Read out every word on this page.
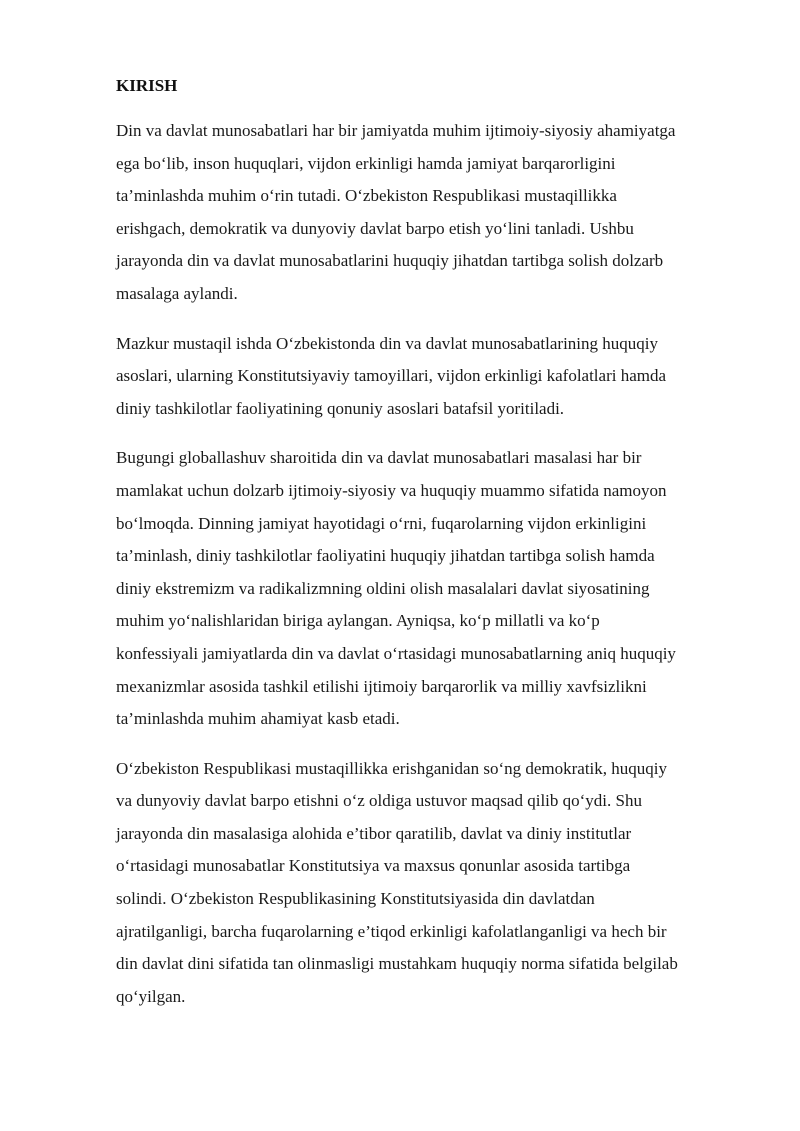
KIRISH

Din va davlat munosabatlari har bir jamiyatda muhim ijtimoiy-siyosiy ahamiyatga
ega bo‘lib, inson huquqlari, vijdon erkinligi hamda jamiyat barqarorligini
ta’minlashda muhim o‘rin tutadi. O‘zbekiston Respublikasi mustaqillikka
erishgach, demokratik va dunyoviy davlat barpo etish yo‘lini tanladi. Ushbu
jarayonda din va davlat munosabatlarini huquqiy jihatdan tartibga solish dolzarb
masalaga aylandi.

Mazkur mustaqil ishda O‘zbekistonda din va davlat munosabatlarining huquqiy
asoslari, ularning Konstitutsiyaviy tamoyillari, vijdon erkinligi kafolatlari hamda
diniy tashkilotlar faoliyatining qonuniy asoslari batafsil yoritiladi.

Bugungi globallashuv sharoitida din va davlat munosabatlari masalasi har bir
mamlakat uchun dolzarb ijtimoiy-siyosiy va huquqiy muammo sifatida namoyon
bo‘lmoqda. Dinning jamiyat hayotidagi o‘rni, fuqarolarning vijdon erkinligini
ta’minlash, diniy tashkilotlar faoliyatini huquqiy jihatdan tartibga solish hamda
diniy ekstremizm va radikalizmning oldini olish masalalari davlat siyosatining
muhim yo‘nalishlaridan biriga aylangan. Ayniqsa, ko‘p millatli va ko‘p
konfessiyali jamiyatlarda din va davlat o‘rtasidagi munosabatlarning aniq huquqiy
mexanizmlar asosida tashkil etilishi ijtimoiy barqarorlik va milliy xavfsizlikni
ta’minlashda muhim ahamiyat kasb etadi.

O‘zbekiston Respublikasi mustaqillikka erishganidan so‘ng demokratik, huquqiy
va dunyoviy davlat barpo etishni o‘z oldiga ustuvor maqsad qilib qo‘ydi. Shu
jarayonda din masalasiga alohida e’tibor qaratilib, davlat va diniy institutlar
o‘rtasidagi munosabatlar Konstitutsiya va maxsus qonunlar asosida tartibga
solindi. O‘zbekiston Respublikasining Konstitutsiyasida din davlatdan
ajratilganligi, barcha fuqarolarning e’tiqod erkinligi kafolatlanganligi va hech bir
din davlat dini sifatida tan olinmasligi mustahkam huquqiy norma sifatida belgilab
qo‘yilgan.
